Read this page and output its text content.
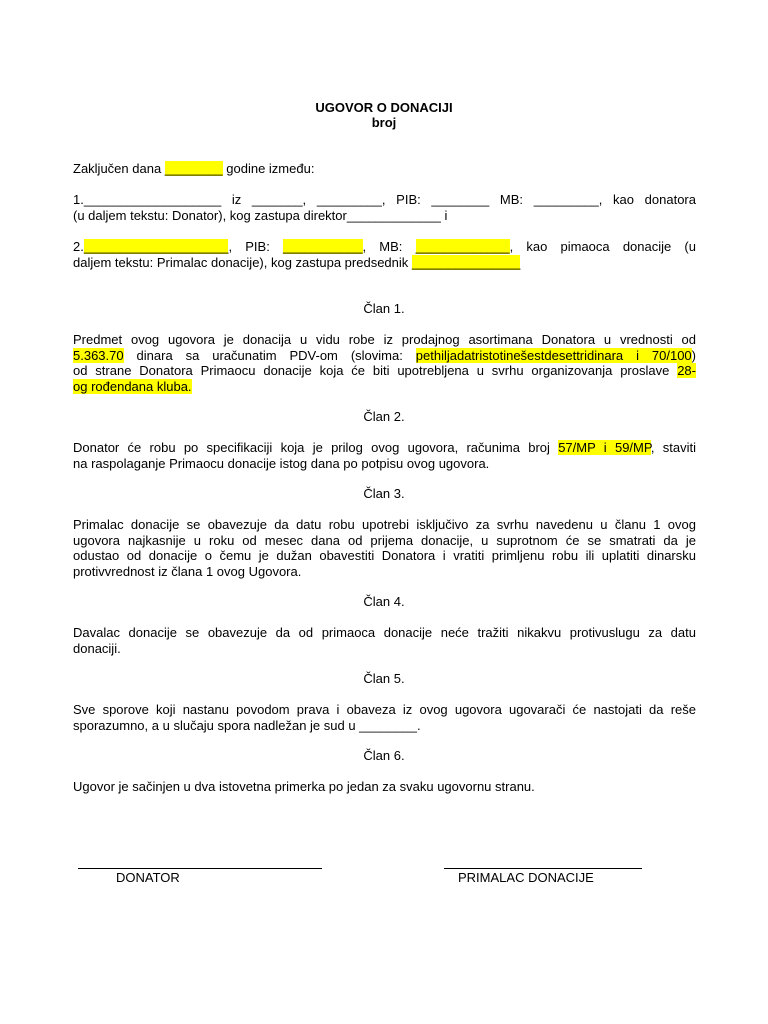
UGOVOR O DONACIJI
broj
Zaključen dana ________ godine između:
1.___________________ iz _______, _________, PIB: ________ MB: _________, kao donatora
(u daljem tekstu: Donator), kog zastupa direktor_____________ i
2.____________________, PIB: ___________, MB: _____________, kao pimaoca donacije (u
daljem tekstu: Primalac donacije), kog zastupa predsednik _______________
Član 1.
Predmet ovog ugovora je donacija u vidu robe iz prodajnog asortimana Donatora u vrednosti od
5.363.70 dinara sa uračunatim PDV-om (slovima: pethiljadatristotinešestdesettridinara i 70/100)
od strane Donatora Primaocu donacije koja će biti upotrebljena u svrhu organizovanja proslave 28-
og rođendana kluba.
Član 2.
Donator će robu po specifikaciji koja je prilog ovog ugovora, računima broj 57/MP i 59/MP, staviti
na raspolaganje Primaocu donacije istog dana po potpisu ovog ugovora.
Član 3.
Primalac donacije se obavezuje da datu robu upotrebi isključivo za svrhu navedenu u članu 1 ovog
ugovora najkasnije u roku od mesec dana od prijema donacije, u suprotnom će se smatrati da je
odustao od donacije o čemu je dužan obavestiti Donatora i vratiti primljenu robu ili uplatiti dinarsku
protivvrednost iz člana 1 ovog Ugovora.
Član 4.
Davalac donacije se obavezuje da od primaoca donacije neće tražiti nikakvu protivuslugu za datu
donaciji.
Član 5.
Sve sporove koji nastanu povodom prava i obaveza iz ovog ugovora ugovarači će nastojati da reše
sporazumno, a u slučaju spora nadležan je sud u ________.
Član 6.
Ugovor je sačinjen u dva istovetna primerka po jedan za svaku ugovornu stranu.
DONATOR	PRIMALAC DONACIJE
